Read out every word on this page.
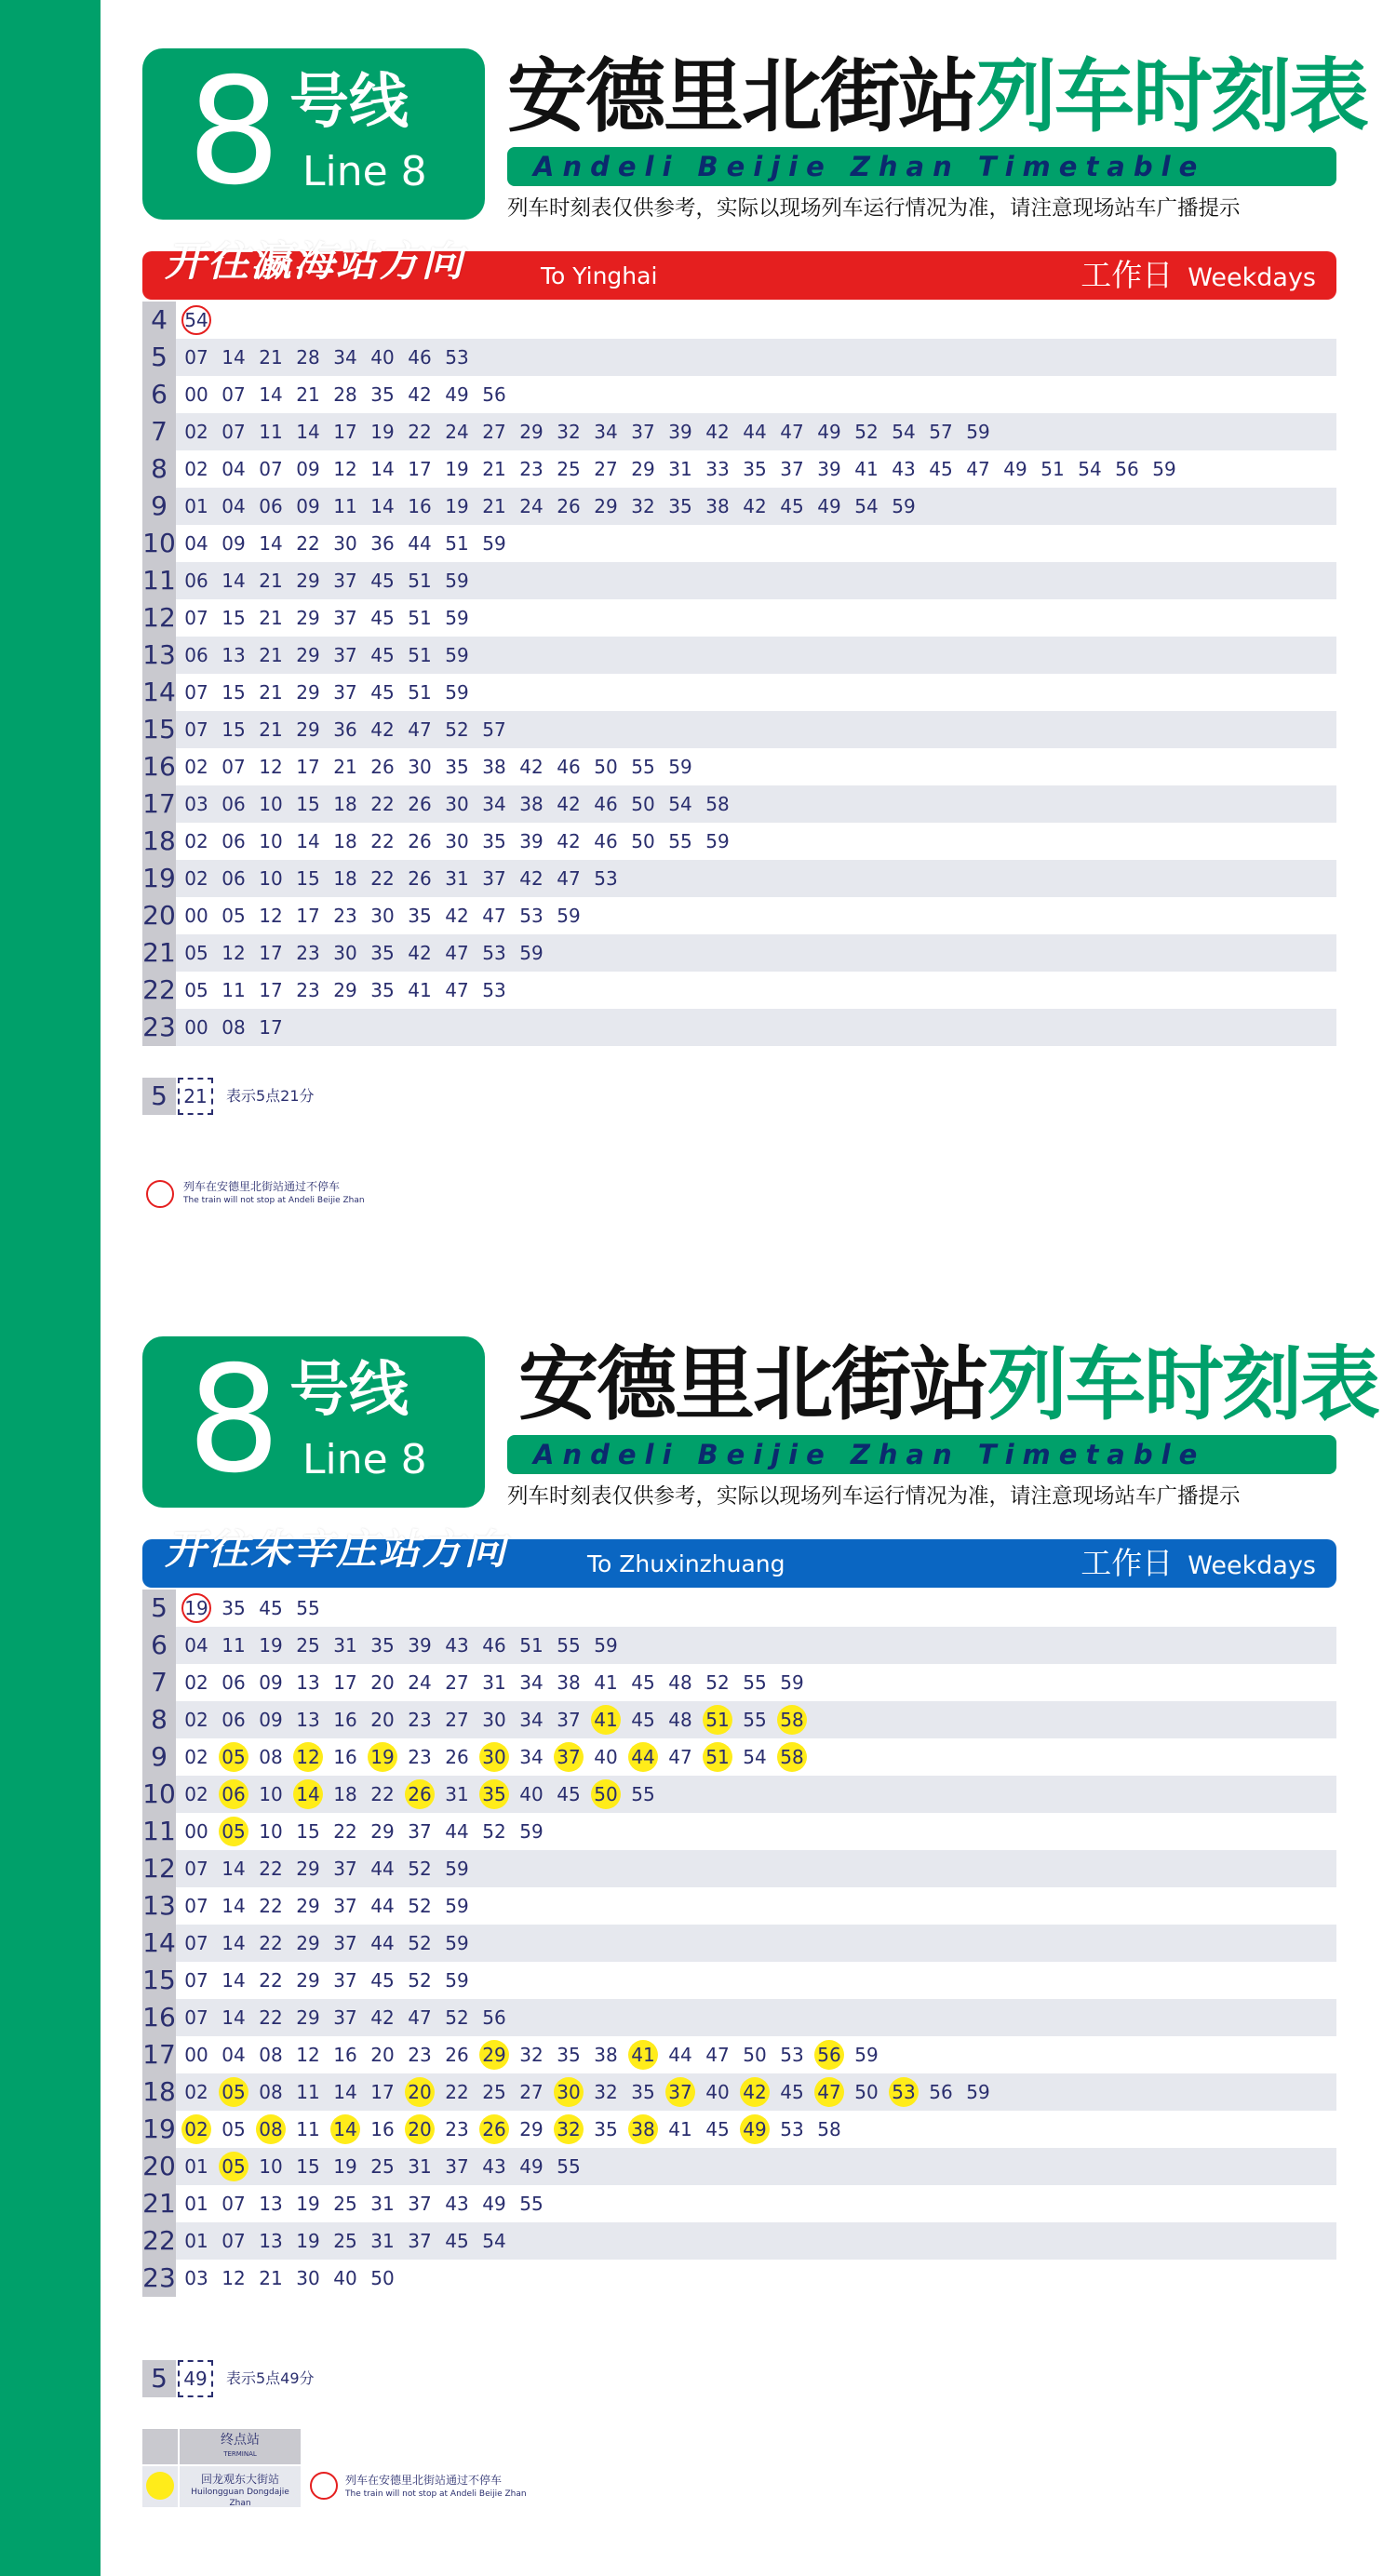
8 号线
Line 8
安德里北街站列车时刻表
Andeli Beijie Zhan Timetable
列车时刻表仅供参考，实际以现场列车运行情况为准，请注意现场站车广播提示
开往瀛海站方向	To Yinghai	工作日 Weekdays
4 54
5 07 14 21 28 34 40 46 53
6 00 07 14 21 28 35 42 49 56
7 02 07 11 14 17 19 22 24 27 29 32 34 37 39 42 44 47 49 52 54 57 59
8 02 04 07 09 12 14 17 19 21 23 25 27 29 31 33 35 37 39 41 43 45 47 49 51 54 56 59
9 01 04 06 09 11 14 16 19 21 24 26 29 32 35 38 42 45 49 54 59
10 04 09 14 22 30 36 44 51 59
11 06 14 21 29 37 45 51 59
12 07 15 21 29 37 45 51 59
13 06 13 21 29 37 45 51 59
14 07 15 21 29 37 45 51 59
15 07 15 21 29 36 42 47 52 57
16 02 07 12 17 21 26 30 35 38 42 46 50 55 59
17 03 06 10 15 18 22 26 30 34 38 42 46 50 54 58
18 02 06 10 14 18 22 26 30 35 39 42 46 50 55 59
19 02 06 10 15 18 22 26 31 37 42 47 53
20 00 05 12 17 23 30 35 42 47 53 59
21 05 12 17 23 30 35 42 47 53 59
22 05 11 17 23 29 35 41 47 53
23 00 08 17
5 21	表示5点21分
列车在安德里北街站通过不停车
The train will not stop at Andeli Beijie Zhan
8 号线
Line 8
安德里北街站列车时刻表
Andeli Beijie Zhan Timetable
列车时刻表仅供参考，实际以现场列车运行情况为准，请注意现场站车广播提示
开往朱辛庄站方向	To Zhuxinzhuang	工作日 Weekdays
5 19 35 45 55
6 04 11 19 25 31 35 39 43 46 51 55 59
7 02 06 09 13 17 20 24 27 31 34 38 41 45 48 52 55 59
8 02 06 09 13 16 20 23 27 30 34 37 41 45 48 51 55 58
9 02 05 08 12 16 19 23 26 30 34 37 40 44 47 51 54 58
10 02 06 10 14 18 22 26 31 35 40 45 50 55
11 00 05 10 15 22 29 37 44 52 59
12 07 14 22 29 37 44 52 59
13 07 14 22 29 37 44 52 59
14 07 14 22 29 37 44 52 59
15 07 14 22 29 37 45 52 59
16 07 14 22 29 37 42 47 52 56
17 00 04 08 12 16 20 23 26 29 32 35 38 41 44 47 50 53 56 59
18 02 05 08 11 14 17 20 22 25 27 30 32 35 37 40 42 45 47 50 53 56 59
19 02 05 08 11 14 16 20 23 26 29 32 35 38 41 45 49 53 58
20 01 05 10 15 19 25 31 37 43 49 55
21 01 07 13 19 25 31 37 43 49 55
22 01 07 13 19 25 31 37 45 54
23 03 12 21 30 40 50
5 49	表示5点49分
终点站
TERMINAL
回龙观东大街站
Huilongguan Dongdajie Zhan
列车在安德里北街站通过不停车
The train will not stop at Andeli Beijie Zhan
